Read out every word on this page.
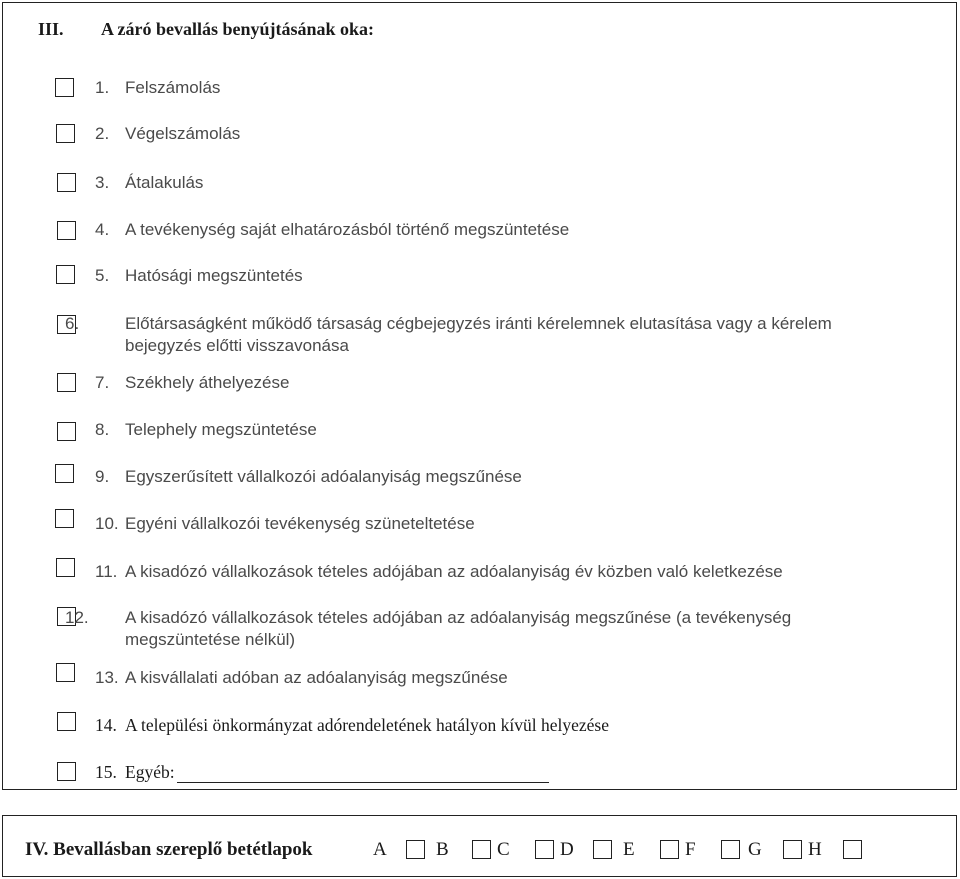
III. A záró bevallás benyújtásának oka:
1. Felszámolás
2. Végelszámolás
3. Átalakulás
4. A tevékenység saját elhatározásból történő megszüntetése
5. Hatósági megszüntetés
6.	Előtársaságként működő társaság cégbejegyzés iránti kérelemnek elutasítása vagy a kérelem bejegyzés előtti visszavonása
7. Székhely áthelyezése
8. Telephely megszüntetése
9. Egyszerűsített vállalkozói adóalanyiság megszűnése
10. Egyéni vállalkozói tevékenység szüneteltetése
11. A kisadózó vállalkozások tételes adójában az adóalanyiság év közben való keletkezése
12. A kisadózó vállalkozások tételes adójában az adóalanyiság megszűnése (a tevékenység megszüntetése nélkül)
13. A kisvállalati adóban az adóalanyiság megszűnése
14. A települési önkormányzat adórendeletének hatályon kívül helyezése
15. Egyéb:
IV. Bevallásban szereplő betétlapok	A	B	C	D	E	F	G H
